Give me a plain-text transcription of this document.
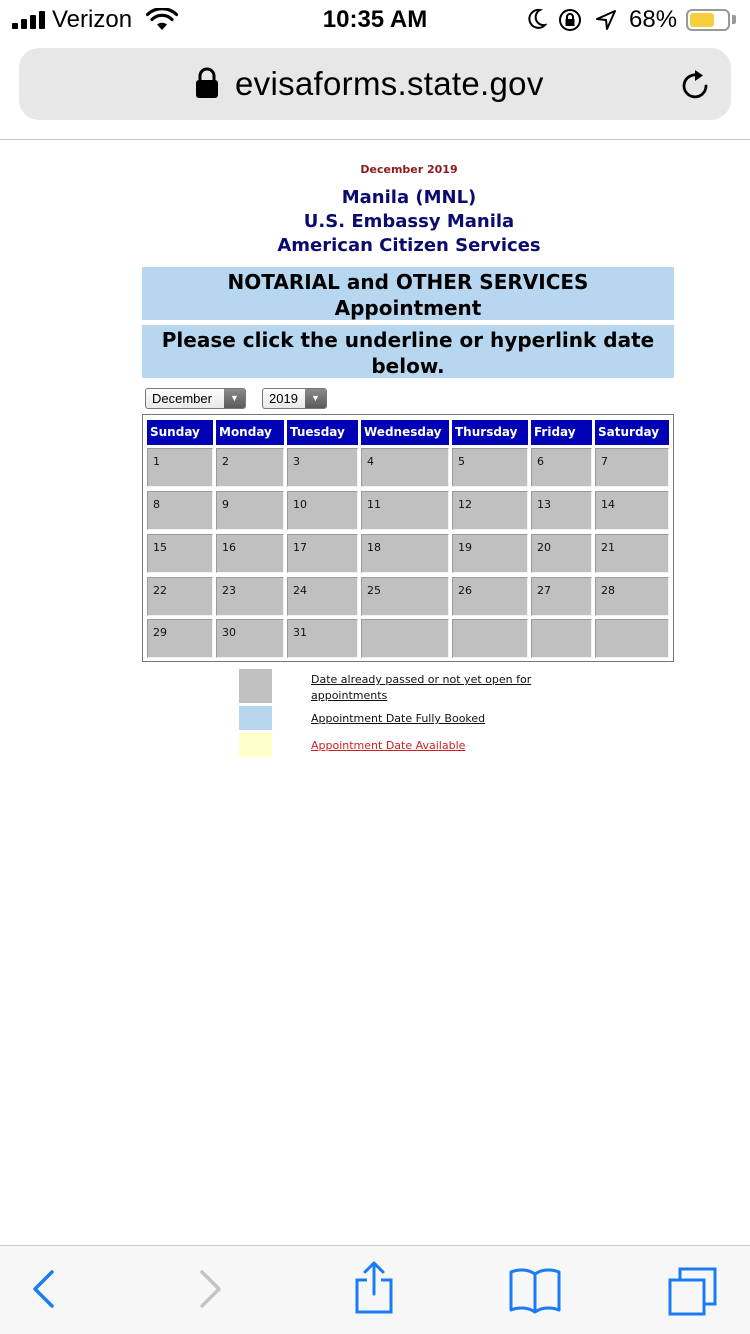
Verizon	10:35 AM	68%
evisaforms.state.gov
December 2019
Manila (MNL)
U.S. Embassy Manila
American Citizen Services
NOTARIAL and OTHER SERVICES
Appointment
Please click the underline or hyperlink date
below.
December	▼	2019	▼
Sunday	Monday	Tuesday	Wednesday	Thursday	Friday	Saturday
1	2	3	4	5	6	7
8	9	10	11	12	13	14
15	16	17	18	19	20	21
22	23	24	25	26	27	28
29	30	31
Date already passed or not yet open for appointments
Appointment Date Fully Booked
Appointment Date Available
